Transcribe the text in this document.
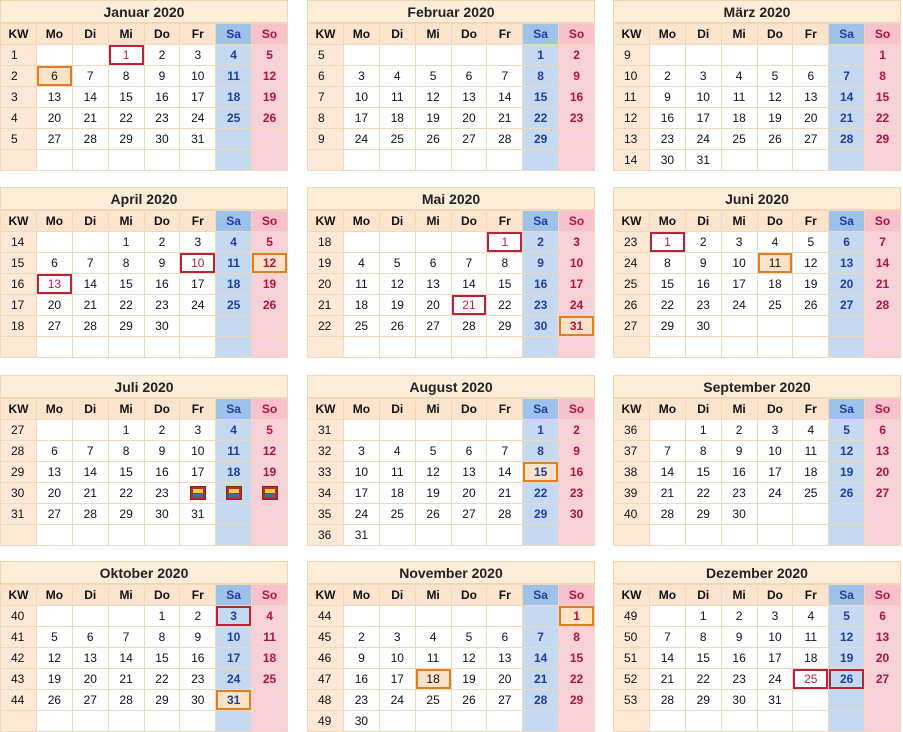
Januar 2020
KW	Mo	Di	Mi	Do	Fr	Sa	So
1			1	2	3	4	5
2	6	7	8	9	10	11	12
3	13	14	15	16	17	18	19
4	20	21	22	23	24	25	26
5	27	28	29	30	31		

Februar 2020
KW	Mo	Di	Mi	Do	Fr	Sa	So
5						1	2
6	3	4	5	6	7	8	9
7	10	11	12	13	14	15	16
8	17	18	19	20	21	22	23
9	24	25	26	27	28	29	

März 2020
KW	Mo	Di	Mi	Do	Fr	Sa	So
9							1
10	2	3	4	5	6	7	8
11	9	10	11	12	13	14	15
12	16	17	18	19	20	21	22
13	23	24	25	26	27	28	29
14	30	31					
April 2020
KW	Mo	Di	Mi	Do	Fr	Sa	So
14			1	2	3	4	5
15	6	7	8	9	10	11	12
16	13	14	15	16	17	18	19
17	20	21	22	23	24	25	26
18	27	28	29	30			

Mai 2020
KW	Mo	Di	Mi	Do	Fr	Sa	So
18					1	2	3
19	4	5	6	7	8	9	10
20	11	12	13	14	15	16	17
21	18	19	20	21	22	23	24
22	25	26	27	28	29	30	31

Juni 2020
KW	Mo	Di	Mi	Do	Fr	Sa	So
23	1	2	3	4	5	6	7
24	8	9	10	11	12	13	14
25	15	16	17	18	19	20	21
26	22	23	24	25	26	27	28
27	29	30					

Juli 2020
KW	Mo	Di	Mi	Do	Fr	Sa	So
27			1	2	3	4	5
28	6	7	8	9	10	11	12
29	13	14	15	16	17	18	19
30	20	21	22	23			
31	27	28	29	30	31		

August 2020
KW	Mo	Di	Mi	Do	Fr	Sa	So
31						1	2
32	3	4	5	6	7	8	9
33	10	11	12	13	14	15	16
34	17	18	19	20	21	22	23
35	24	25	26	27	28	29	30
36	31						
September 2020
KW	Mo	Di	Mi	Do	Fr	Sa	So
36		1	2	3	4	5	6
37	7	8	9	10	11	12	13
38	14	15	16	17	18	19	20
39	21	22	23	24	25	26	27
40	28	29	30				

Oktober 2020
KW	Mo	Di	Mi	Do	Fr	Sa	So
40				1	2	3	4
41	5	6	7	8	9	10	11
42	12	13	14	15	16	17	18
43	19	20	21	22	23	24	25
44	26	27	28	29	30	31	

November 2020
KW	Mo	Di	Mi	Do	Fr	Sa	So
44							1
45	2	3	4	5	6	7	8
46	9	10	11	12	13	14	15
47	16	17	18	19	20	21	22
48	23	24	25	26	27	28	29
49	30						
Dezember 2020
KW	Mo	Di	Mi	Do	Fr	Sa	So
49		1	2	3	4	5	6
50	7	8	9	10	11	12	13
51	14	15	16	17	18	19	20
52	21	22	23	24	25	26	27
53	28	29	30	31			
